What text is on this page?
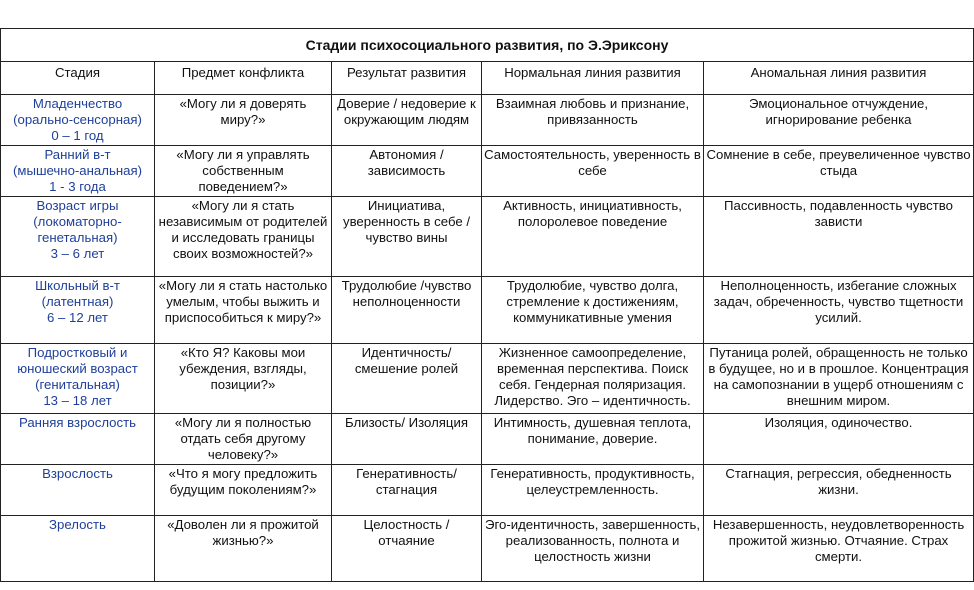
Стадии психосоциального развития, по Э.Эриксону				
Стадия	Предмет конфликта	Результат развития	Нормальная линия развития	Аномальная линия развития

Младенчество
(орально-сенсорная)
0 – 1 год	«Могу ли я доверять миру?»	Доверие / недоверие к окружающим людям	Взаимная любовь и признание, привязанность	Эмоциональное отчуждение, игнорирование ребенка

Ранний в-т
(мышечно-анальная)
1 - 3 года	«Могу ли я управлять собственным поведением?»	Автономия / зависимость	Самостоятельность, уверенность в себе	Сомнение в себе, преувеличенное чувство стыда

Возраст игры
(локоматорно-
генетальная)
3 – 6 лет	«Могу ли я стать независимым от родителей и исследовать границы своих возможностей?»	Инициатива, уверенность в себе / чувство вины	Активность, инициативность, полоролевое поведение	Пассивность, подавленность чувство зависти

Школьный в-т
(латентная)
6 – 12 лет	«Могу ли я стать настолько умелым, чтобы выжить и приспособиться к миру?»	Трудолюбие /чувство неполноценности	Трудолюбие, чувство долга, стремление к достижениям, коммуникативные умения	Неполноценность, избегание сложных задач, обреченность, чувство тщетности усилий.

Подростковый и
юношеский возраст
(генитальная)
13 – 18 лет	«Кто Я? Каковы мои убеждения, взгляды, позиции?»	Идентичность/ смешение ролей	Жизненное самоопределение, временная перспектива. Поиск себя. Гендерная поляризация. Лидерство. Эго – идентичность.	Путаница ролей, обращенность не только в будущее, но и в прошлое. Концентрация на самопознании в ущерб отношениям с внешним миром.

Ранняя взрослость	«Могу ли я полностью отдать себя другому человеку?»	Близость/ Изоляция	Интимность, душевная теплота, понимание, доверие.	Изоляция, одиночество.

Взрослость	«Что я могу предложить будущим поколениям?»	Генеративность/ стагнация	Генеративность, продуктивность, целеустремленность.	Стагнация, регрессия, обедненность жизни.

Зрелость	«Доволен ли я прожитой жизнью?»	Целостность / отчаяние	Эго-идентичность, завершенность, реализованность, полнота и целостность жизни	Незавершенность, неудовлетворенность прожитой жизнью. Отчаяние. Страх смерти.
